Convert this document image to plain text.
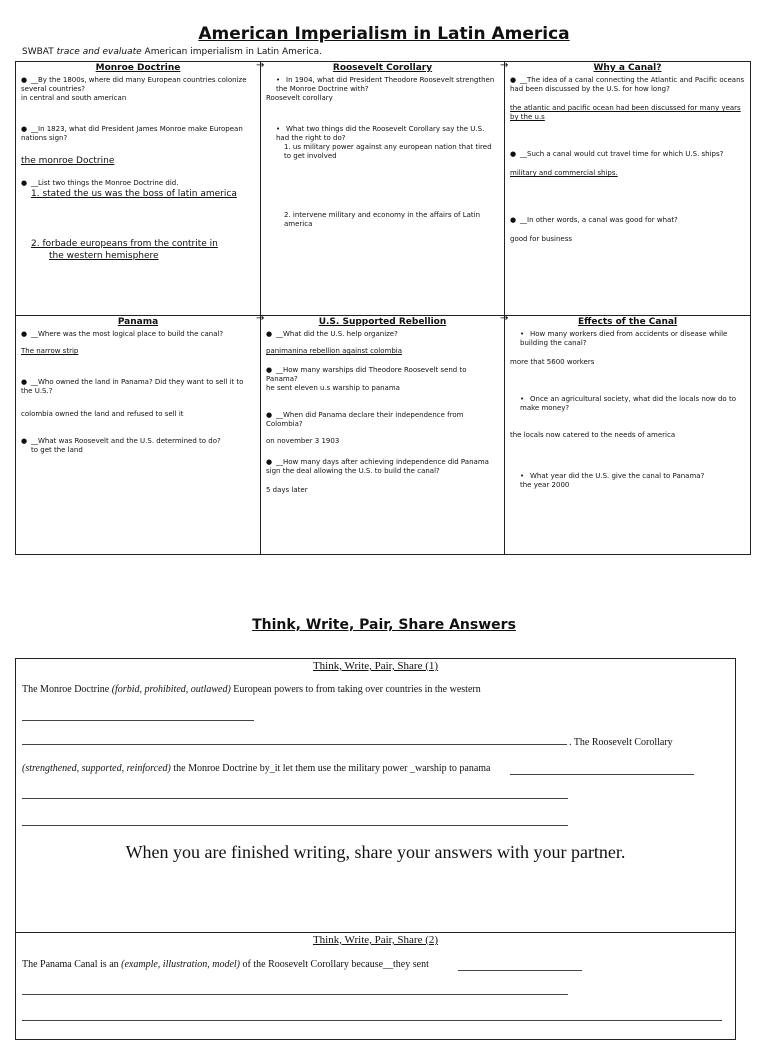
American Imperialism in Latin America
SWBAT trace and evaluate American imperialism in Latin America.
→	→
→	→
Monroe Doctrine
● __By the 1800s, where did many European countries colonize several countries?
in central and south american
● __In 1823, what did President James Monroe make European nations sign?
the monroe Doctrine
● __List two things the Monroe Doctrine did.
1. stated the us was the boss of latin america
2. forbade europeans from the contrite in
the western hemisphere
Roosevelt Corollary
• In 1904, what did President Theodore Roosevelt strengthen the Monroe Doctrine with?
Roosevelt corollary
• What two things did the Roosevelt Corollary say the U.S. had the right to do?
1. us military power against any european nation that tired to get involved
2. intervene military and economy in the affairs of Latin america
Why a Canal?
● __The idea of a canal connecting the Atlantic and Pacific oceans had been discussed by the U.S. for how long?
the atlantic and pacific ocean had been discussed for many years by the u.s
● __Such a canal would cut travel time for which U.S. ships?
military and commercial ships.
● __In other words, a canal was good for what?
good for business
Panama
● __Where was the most logical place to build the canal?
The narrow strip
● __Who owned the land in Panama? Did they want to sell it to the U.S.?
colombia owned the land and refused to sell it
● __What was Roosevelt and the U.S. determined to do?
to get the land
U.S. Supported Rebellion
● __What did the U.S. help organize?
panimanina rebellion against colombia
● __How many warships did Theodore Roosevelt send to Panama?
he sent eleven u.s warship to panama
● __When did Panama declare their independence from Colombia?
on november 3 1903
● __How many days after achieving independence did Panama sign the deal allowing the U.S. to build the canal?
5 days later
Effects of the Canal
• How many workers died from accidents or disease while building the canal?
more that 5600 workers
• Once an agricultural society, what did the locals now do to make money?
the locals now catered to the needs of america
• What year did the U.S. give the canal to Panama?
the year 2000
Think, Write, Pair, Share Answers
Think, Write, Pair, Share (1)
The Monroe Doctrine (forbid, prohibited, outlawed) European powers to from taking over countries in the western
. The Roosevelt Corollary
(strengthened, supported, reinforced) the Monroe Doctrine by_it let them use the military power _warship to panama
When you are finished writing, share your answers with your partner.
Think, Write, Pair, Share (2)
The Panama Canal is an (example, illustration, model) of the Roosevelt Corollary because__they sent
